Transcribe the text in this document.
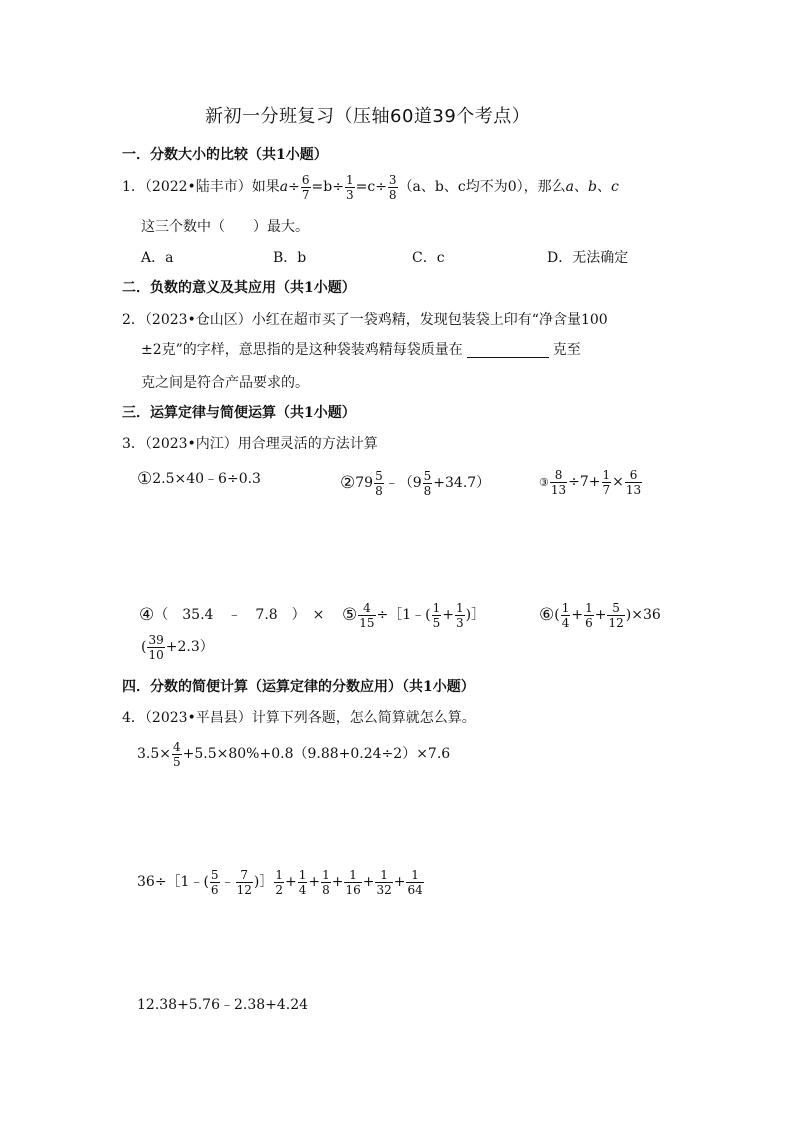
新初一分班复习（压轴60道39个考点）
一．分数大小的比较（共1小题）
1．（2022•陆丰市）如果 $a \div \frac{6}{7} = b \div \frac{1}{3} = c \div \frac{3}{8} (a$、b、c均不为0），那么 a 、 b 、 c
这三个数中（　　）最大。
A．a	B．b	C．c	D．无法确定
二．负数的意义及其应用（共1小题）
2．（2023•仓山区）小红在超市买了一袋鸡精，发现包装袋上印有“净含量100
±2克”的字样，意思指的是这种袋装鸡精每袋质量在	克至
克之间是符合产品要求的。
三．运算定律与简便运算（共1小题）
3．（2023•内江）用合理灵活的方法计算
① 2.5×40﹣6÷0.3	② $79 \frac{5}{8}$ ﹣（9 $\frac{5}{8} +34.7$）	③ $\frac{8}{13} \div 7+ \frac{1}{7} \times \frac{6}{13}$
④ （　35.4　﹣　7.8　）　×
( $\frac{39}{10} +2.3$）
⑤ $\frac{4}{15}$ ÷［1﹣( $\frac{1}{5} + \frac{1}{3}$ )］	⑥ ( $\frac{1}{4} + \frac{1}{6} + \frac{5}{12} )\times 36$
四．分数的简便计算（运算定律的分数应用）（共1小题）
4．（2023•平昌县）计算下列各题，怎么简算就怎么算。
$3.5\times \frac{4}{5} +5.5\times 80\%+0.8(9.88+0.24\div 2)\times 7.6$
36÷［1﹣( $\frac{5}{6}$ ﹣ $\frac{7}{12}$ )］ $\frac{1}{2} + \frac{1}{4} + \frac{1}{8} + \frac{1}{16} + \frac{1}{32} + \frac{1}{64}$
12.38+5.76﹣2.38+4.24
